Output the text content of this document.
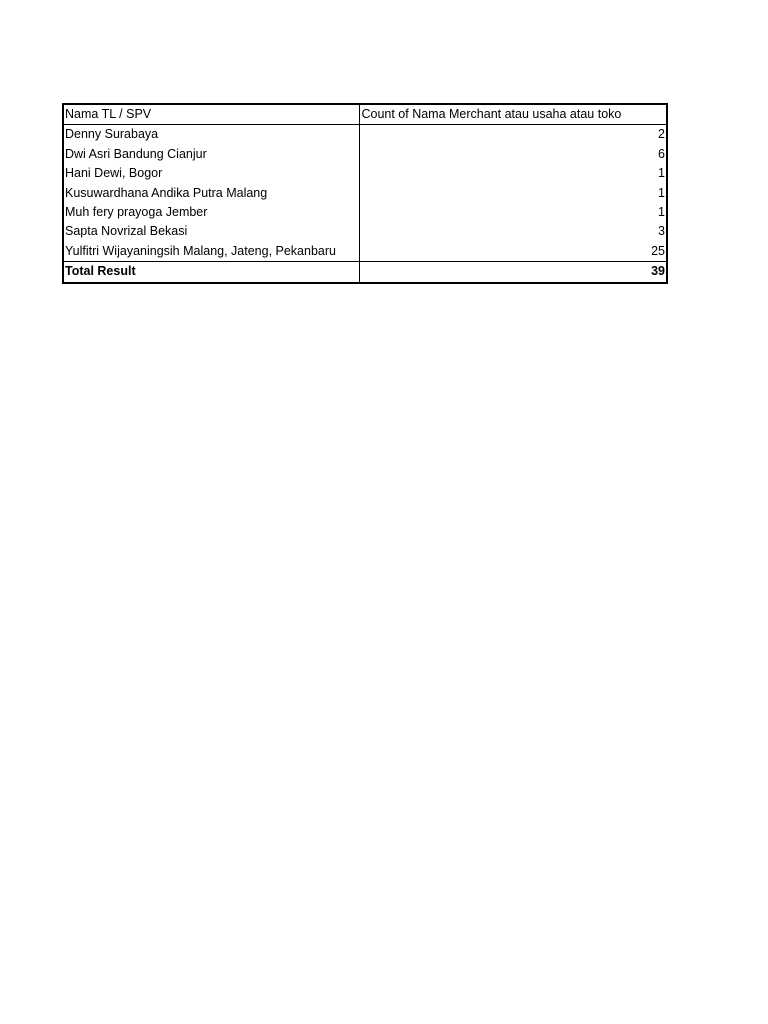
Nama TL / SPV	Count of Nama Merchant atau usaha atau toko
Denny Surabaya	2
Dwi Asri Bandung Cianjur	6
Hani Dewi, Bogor	1
Kusuwardhana Andika Putra Malang	1
Muh fery prayoga Jember	1
Sapta Novrizal Bekasi	3
Yulfitri Wijayaningsih Malang, Jateng, Pekanbaru	25
Total Result	39
